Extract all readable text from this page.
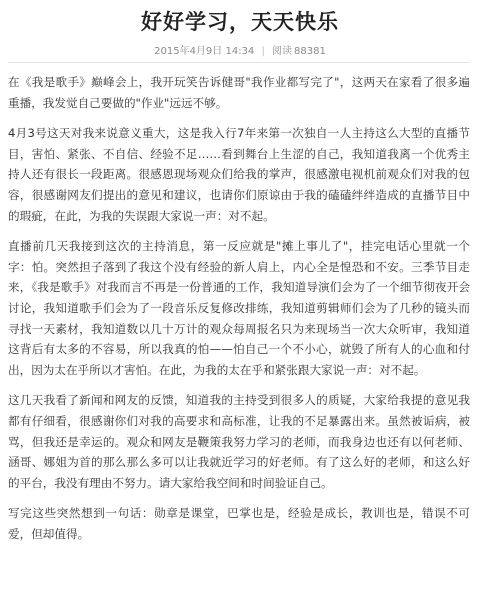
好好学习，天天快乐
2015年4月9日 14:34 | 阅读 88381

在《我是歌手》巅峰会上，我开玩笑告诉健哥"我作业都写完了"，这两天在家看了很多遍重播，我发觉自己要做的"作业"远远不够。

4月3号这天对我来说意义重大，这是我入行7年来第一次独自一人主持这么大型的直播节目，害怕、紧张、不自信、经验不足……看到舞台上生涩的自己，我知道我离一个优秀主持人还有很长一段距离。很感恩现场观众们给我的掌声，很感激电视机前观众们对我的包容，很感谢网友们提出的意见和建议，也请你们原谅由于我的磕磕绊绊造成的直播节目中的瑕疵，在此，为我的失误跟大家说一声：对不起。

直播前几天我接到这次的主持消息，第一反应就是"摊上事儿了"，挂完电话心里就一个字：怕。突然担子落到了我这个没有经验的新人肩上，内心全是惶恐和不安。三季节目走来，《我是歌手》对我而言不再是一份普通的工作，我知道导演们会为了一个细节彻夜开会讨论，我知道歌手们会为了一段音乐反复修改排练，我知道剪辑师们会为了几秒的镜头而寻找一天素材，我知道数以几十万计的观众每周报名只为来现场当一次大众听审，我知道这背后有太多的不容易，所以我真的怕——怕自己一个不小心，就毁了所有人的心血和付出，因为太在乎所以才害怕。在此，为我的太在乎和紧张跟大家说一声：对不起。

这几天我看了新闻和网友的反馈，知道我的主持受到很多人的质疑，大家给我提的意见我都有仔细看，很感谢你们对我的高要求和高标准，让我的不足暴露出来。虽然被诟病，被骂，但我还是幸运的。观众和网友是鞭策我努力学习的老师，而我身边也还有以何老师、涵哥、娜姐为首的那么那么多可以让我就近学习的好老师。有了这么好的老师，和这么好的平台，我没有理由不努力。请大家给我空间和时间验证自己。

写完这些突然想到一句话：勋章是课堂，巴掌也是，经验是成长，教训也是，错误不可爱，但却值得。
